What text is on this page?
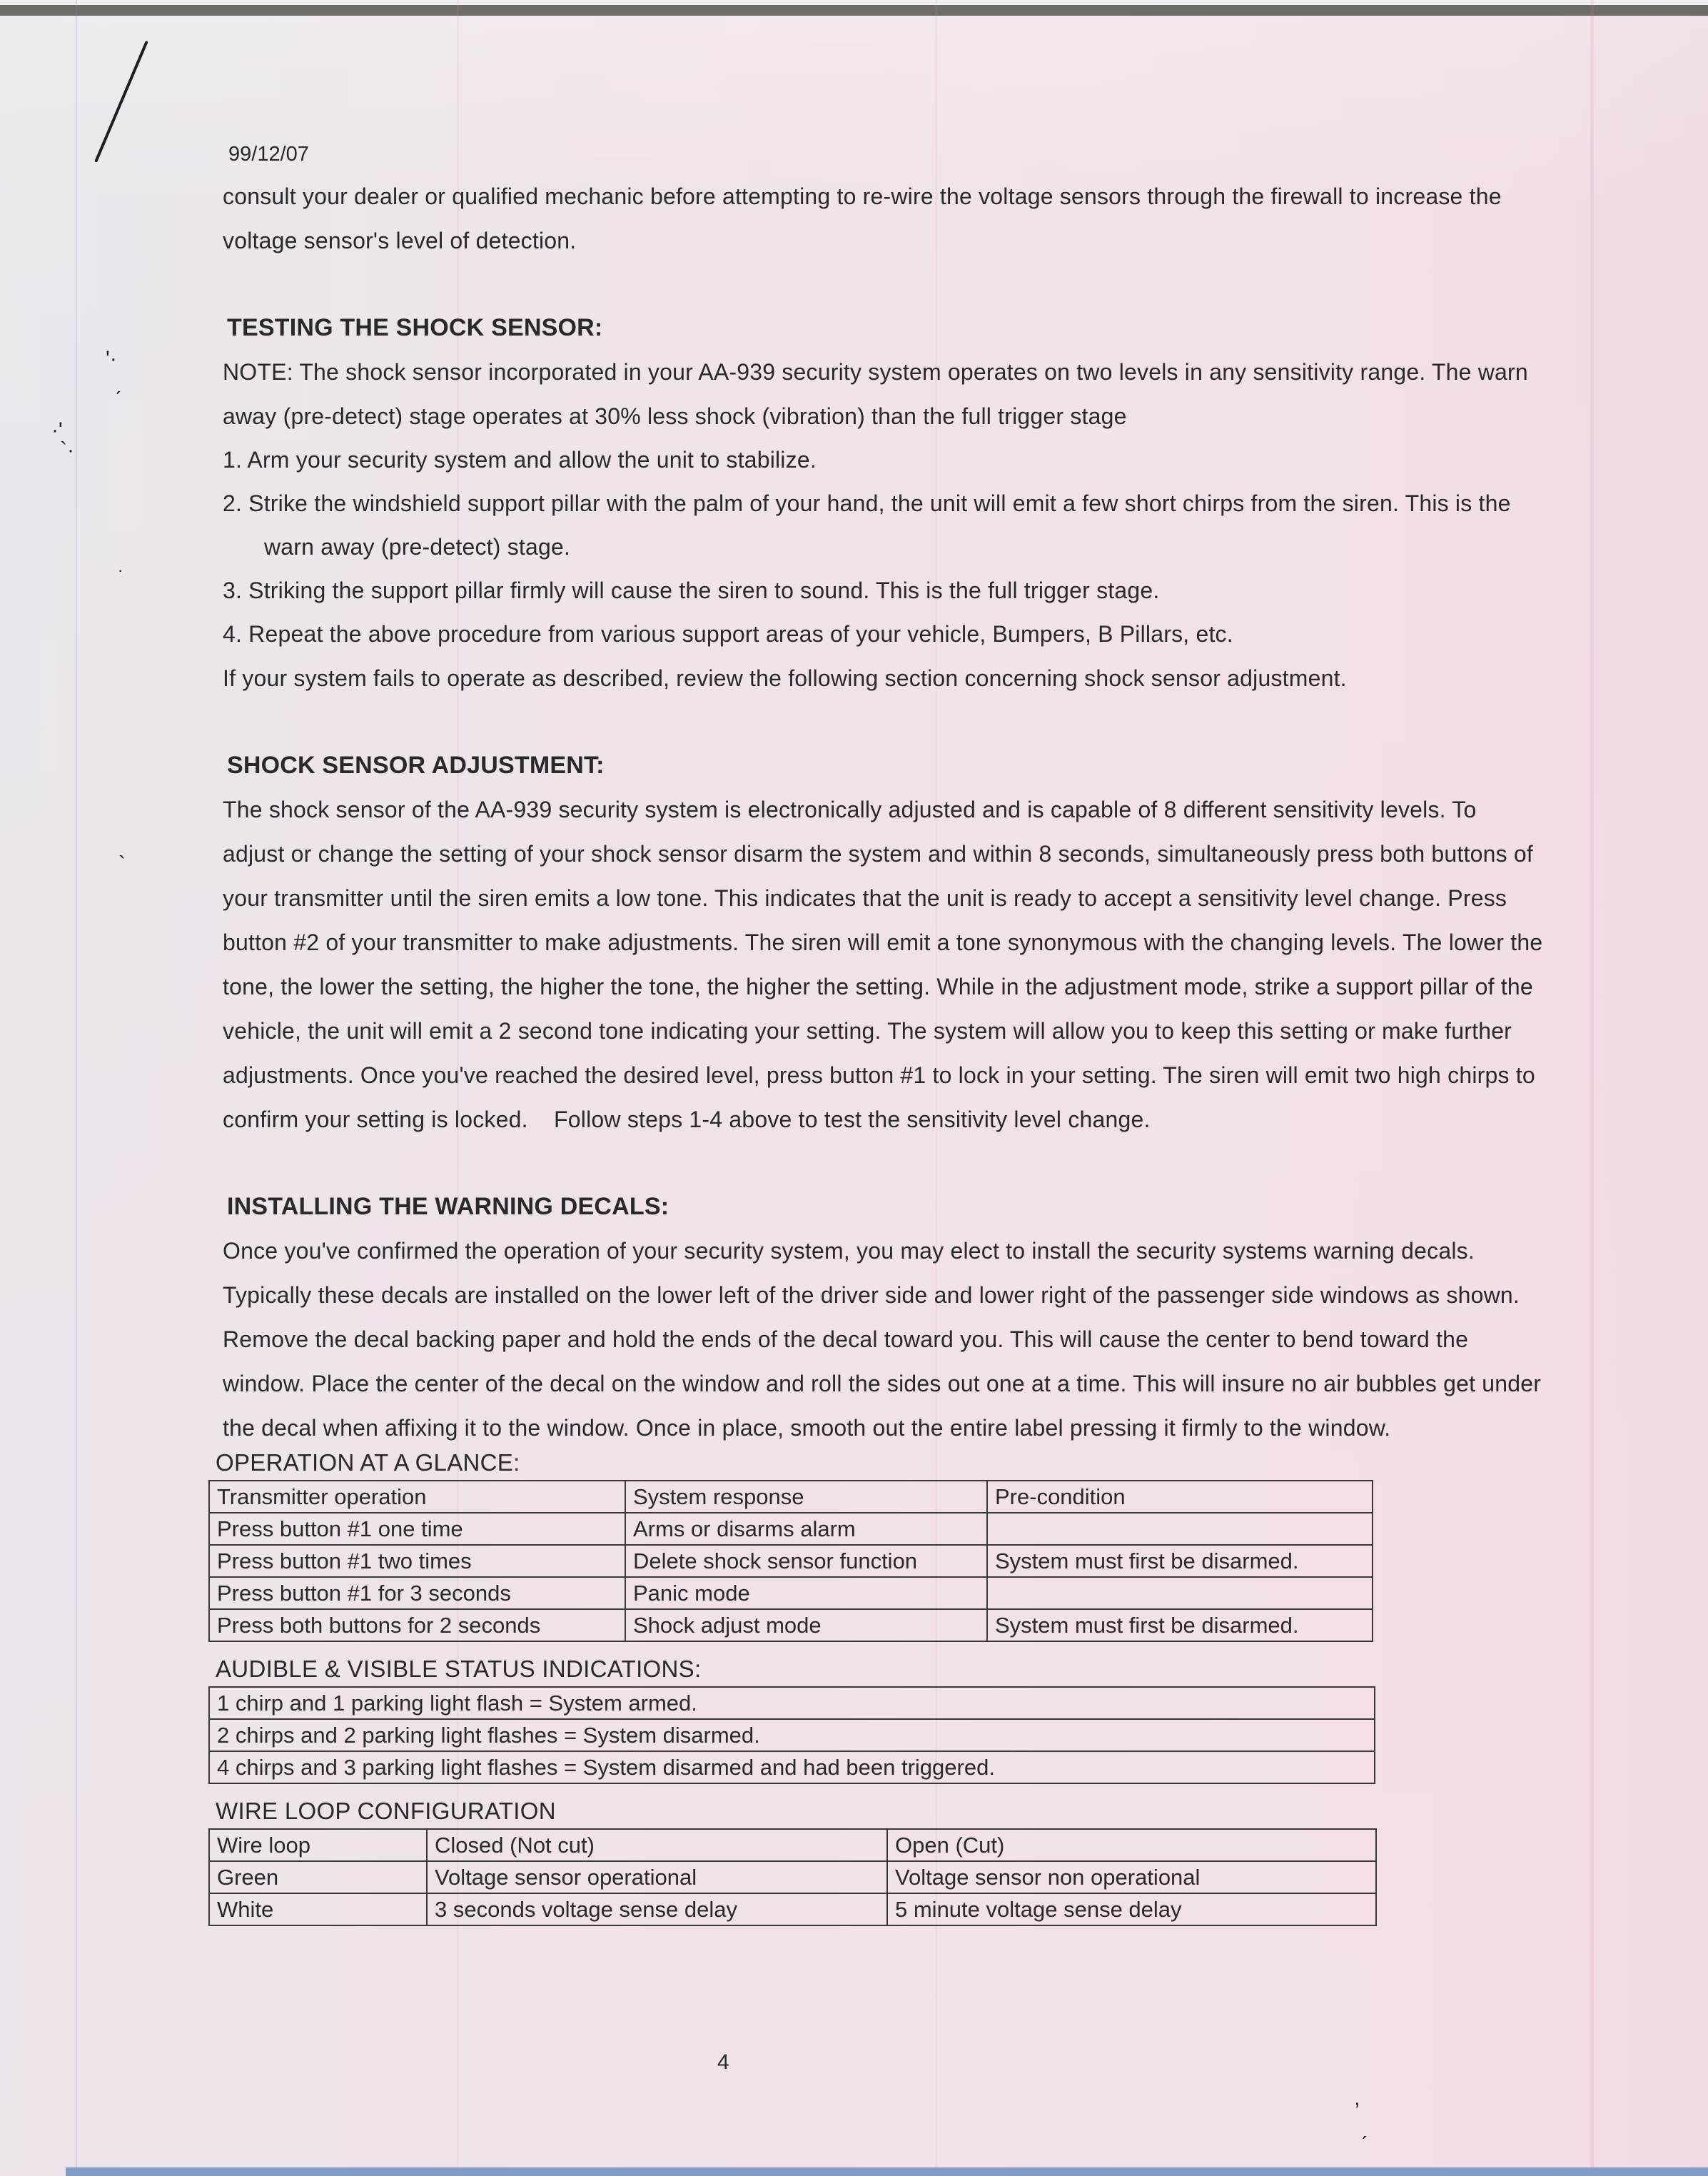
'·
ˏ
·'
`·
·
`
’
ˏ
99/12/07

consult your dealer or qualified mechanic before attempting to re-wire the voltage sensors through the firewall to increase the voltage sensor's level of detection.

TESTING THE SHOCK SENSOR:

NOTE: The shock sensor incorporated in your AA-939 security system operates on two levels in any sensitivity range. The warn away (pre-detect) stage operates at 30% less shock (vibration) than the full trigger stage

1. Arm your security system and allow the unit to stabilize.
2. Strike the windshield support pillar with the palm of your hand, the unit will emit a few short chirps from the siren. This is the warn away (pre-detect) stage.
3. Striking the support pillar firmly will cause the siren to sound. This is the full trigger stage.
4. Repeat the above procedure from various support areas of your vehicle, Bumpers, B Pillars, etc.

If your system fails to operate as described, review the following section concerning shock sensor adjustment.

SHOCK SENSOR ADJUSTMENT:

The shock sensor of the AA-939 security system is electronically adjusted and is capable of 8 different sensitivity levels. To adjust or change the setting of your shock sensor disarm the system and within 8 seconds, simultaneously press both buttons of your transmitter until the siren emits a low tone. This indicates that the unit is ready to accept a sensitivity level change. Press button #2 of your transmitter to make adjustments. The siren will emit a tone synonymous with the changing levels. The lower the tone, the lower the setting, the higher the tone, the higher the setting. While in the adjustment mode, strike a support pillar of the vehicle, the unit will emit a 2 second tone indicating your setting. The system will allow you to keep this setting or make further adjustments. Once you've reached the desired level, press button #1 to lock in your setting. The siren will emit two high chirps to confirm your setting is locked.    Follow steps 1-4 above to test the sensitivity level change.

INSTALLING THE WARNING DECALS:

Once you've confirmed the operation of your security system, you may elect to install the security systems warning decals. Typically these decals are installed on the lower left of the driver side and lower right of the passenger side windows as shown. Remove the decal backing paper and hold the ends of the decal toward you. This will cause the center to bend toward the window. Place the center of the decal on the window and roll the sides out one at a time. This will insure no air bubbles get under the decal when affixing it to the window. Once in place, smooth out the entire label pressing it firmly to the window.

OPERATION AT A GLANCE:
Transmitter operation	System response	Pre-condition
Press button #1 one time	Arms or disarms alarm	
Press button #1 two times	Delete shock sensor function	System must first be disarmed.
Press button #1 for 3 seconds	Panic mode	
Press both buttons for 2 seconds	Shock adjust mode	System must first be disarmed.
AUDIBLE & VISIBLE STATUS INDICATIONS:
1 chirp and 1 parking light flash = System armed.
2 chirps and 2 parking light flashes = System disarmed.
4 chirps and 3 parking light flashes = System disarmed and had been triggered.
WIRE LOOP CONFIGURATION
Wire loop	Closed (Not cut)	Open (Cut)
Green	Voltage sensor operational	Voltage sensor non operational
White	3 seconds voltage sense delay	5 minute voltage sense delay
4
